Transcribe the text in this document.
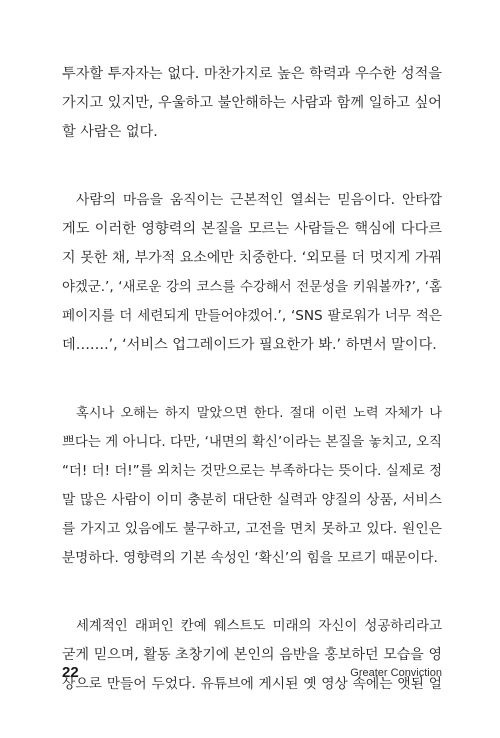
투자할 투자자는 없다. 마찬가지로 높은 학력과 우수한 성적을
가지고 있지만, 우울하고 불안해하는 사람과 함께 일하고 싶어
할 사람은 없다.
사람의 마음을 움직이는 근본적인 열쇠는 믿음이다. 안타깝
게도 이러한 영향력의 본질을 모르는 사람들은 핵심에 다다르
지 못한 채, 부가적 요소에만 치중한다. ‘외모를 더 멋지게 가꿔
야겠군.’, ‘새로운 강의 코스를 수강해서 전문성을 키워볼까?’, ‘홈
페이지를 더 세련되게 만들어야겠어.’, ‘SNS 팔로워가 너무 적은
데…….’, ‘서비스 업그레이드가 필요한가 봐.’ 하면서 말이다.
혹시나 오해는 하지 말았으면 한다. 절대 이런 노력 자체가 나
쁘다는 게 아니다. 다만, ‘내면의 확신’이라는 본질을 놓치고, 오직
“더! 더! 더!”를 외치는 것만으로는 부족하다는 뜻이다. 실제로 정
말 많은 사람이 이미 충분히 대단한 실력과 양질의 상품, 서비스
를 가지고 있음에도 불구하고, 고전을 면치 못하고 있다. 원인은
분명하다. 영향력의 기본 속성인 ‘확신’의 힘을 모르기 때문이다.
세계적인 래퍼인 칸예 웨스트도 미래의 자신이 성공하리라고
굳게 믿으며, 활동 초창기에 본인의 음반을 홍보하던 모습을 영
상으로 만들어 두었다. 유튜브에 게시된 옛 영상 속에는 앳된 얼
22	Greater Conviction
